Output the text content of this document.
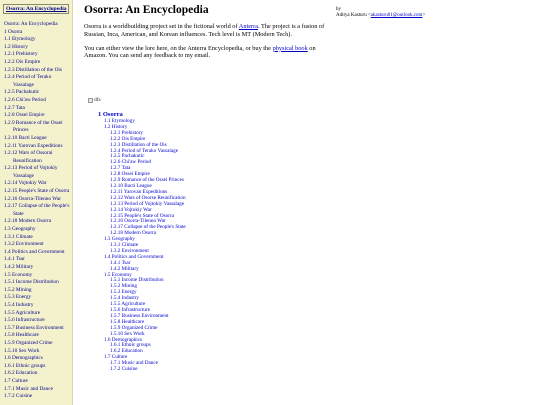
Osorra: An Encyclopedia
Osorra: An Encyclopedia
1 Osorra
1.1 Etymology
1.2 History
1.2.1 Prehistory
1.2.2 Ois Empire
1.2.3 Distillation of the Ois
1.2.4 Period of Terako Vassalage
1.2.5 Pachakutic
1.2.6 Chi'aw Period
1.2.7 Tata
1.2.8 Ossei Empire
1.2.9 Romance of the Ossei Princes
1.2.10 Bacti League
1.2.11 Yarovan Expeditions
1.2.12 Wars of Ossorai Reunification
1.2.13 Period of Vojtokiy Vassalage
1.2.14 Vojtokiy War
1.2.15 People's State of Osorra
1.2.16 Osorra-Tilenno War
1.2.17 Collapse of the People's State
1.2.18 Modern Osorra
1.3 Geography
1.3.1 Climate
1.3.2 Environment
1.4 Politics and Government
1.4.1 Tsar
1.4.2 Military
1.5 Economy
1.5.1 Income Distribution
1.5.2 Mining
1.5.3 Energy
1.5.4 Industry
1.5.5 Agriculture
1.5.6 Infrastructure
1.5.7 Business Environment
1.5.8 Healthcare
1.5.9 Organized Crime
1.5.10 Sex Work
1.6 Demographics
1.6.1 Ethnic groups
1.6.2 Education
1.7 Culture
1.7.1 Music and Dance
1.7.2 Cuisine
Osorra: An Encyclopedia

Osorra is a worldbuilding project set in the fictional world of Anterra. The project is a fusion of Russian, Inca, American, and Korean influences. Tech level is MT (Modern Tech).

You can either view the lore here, on the Anterra Encyclopedia, or buy the physical book on Amazon. You can send any feedback to my email.

by
Aditya Kasturu <akasturu01@outlook.com>
dfs
1 Osorra
1.1 Etymology
1.2 History
1.2.1 Prehistory
1.2.2 Ois Empire
1.2.3 Distillation of the Ois
1.2.4 Period of Terako Vassalage
1.2.5 Pachakutic
1.2.6 Chi'aw Period
1.2.7 Tata
1.2.8 Ossei Empire
1.2.9 Romance of the Ossei Princes
1.2.10 Bacti League
1.2.11 Yarovan Expeditions
1.2.12 Wars of Osorse Reunification
1.2.13 Period of Vojtokiy Vassalage
1.2.14 Vojtokiy War
1.2.15 People's State of Osorra
1.2.16 Osorra-Tilenno War
1.2.17 Collapse of the People's State
1.2.18 Modern Osorra
1.3 Geography
1.3.1 Climate
1.3.2 Environment
1.4 Politics and Government
1.4.1 Tsar
1.4.2 Military
1.5 Economy
1.5.1 Income Distribution
1.5.2 Mining
1.5.3 Energy
1.5.4 Industry
1.5.5 Agriculture
1.5.6 Infrastructure
1.5.7 Business Environment
1.5.8 Healthcare
1.5.9 Organized Crime
1.5.10 Sex Work
1.6 Demographics
1.6.1 Ethnic groups
1.6.2 Education
1.7 Culture
1.7.1 Music and Dance
1.7.2 Cuisine
